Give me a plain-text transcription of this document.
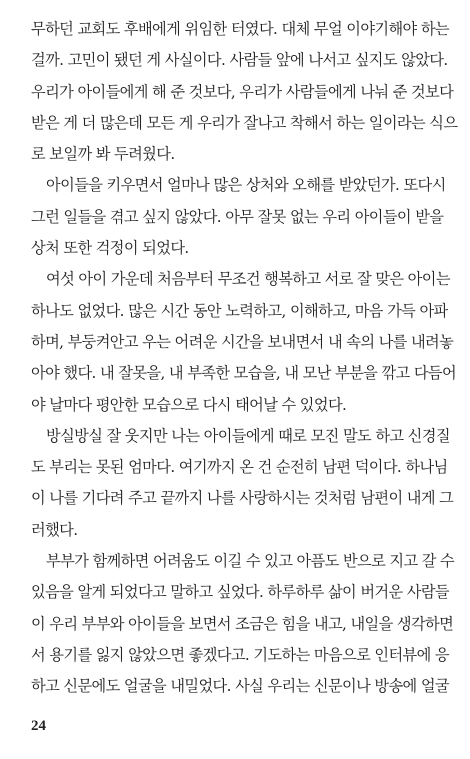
무하던 교회도 후배에게 위임한 터였다. 대체 무얼 이야기해야 하는
걸까. 고민이 됐던 게 사실이다. 사람들 앞에 나서고 싶지도 않았다.
우리가 아이들에게 해 준 것보다, 우리가 사람들에게 나눠 준 것보다
받은 게 더 많은데 모든 게 우리가 잘나고 착해서 하는 일이라는 식으
로 보일까 봐 두려웠다.
아이들을 키우면서 얼마나 많은 상처와 오해를 받았던가. 또다시
그런 일들을 겪고 싶지 않았다. 아무 잘못 없는 우리 아이들이 받을
상처 또한 걱정이 되었다.
여섯 아이 가운데 처음부터 무조건 행복하고 서로 잘 맞은 아이는
하나도 없었다. 많은 시간 동안 노력하고, 이해하고, 마음 가득 아파
하며, 부둥켜안고 우는 어려운 시간을 보내면서 내 속의 나를 내려놓
아야 했다. 내 잘못을, 내 부족한 모습을, 내 모난 부분을 깎고 다듬어
야 날마다 평안한 모습으로 다시 태어날 수 있었다.
방실방실 잘 웃지만 나는 아이들에게 때로 모진 말도 하고 신경질
도 부리는 못된 엄마다. 여기까지 온 건 순전히 남편 덕이다. 하나님
이 나를 기다려 주고 끝까지 나를 사랑하시는 것처럼 남편이 내게 그
러했다.
부부가 함께하면 어려움도 이길 수 있고 아픔도 반으로 지고 갈 수
있음을 알게 되었다고 말하고 싶었다. 하루하루 삶이 버거운 사람들
이 우리 부부와 아이들을 보면서 조금은 힘을 내고, 내일을 생각하면
서 용기를 잃지 않았으면 좋겠다고. 기도하는 마음으로 인터뷰에 응
하고 신문에도 얼굴을 내밀었다. 사실 우리는 신문이나 방송에 얼굴
24
